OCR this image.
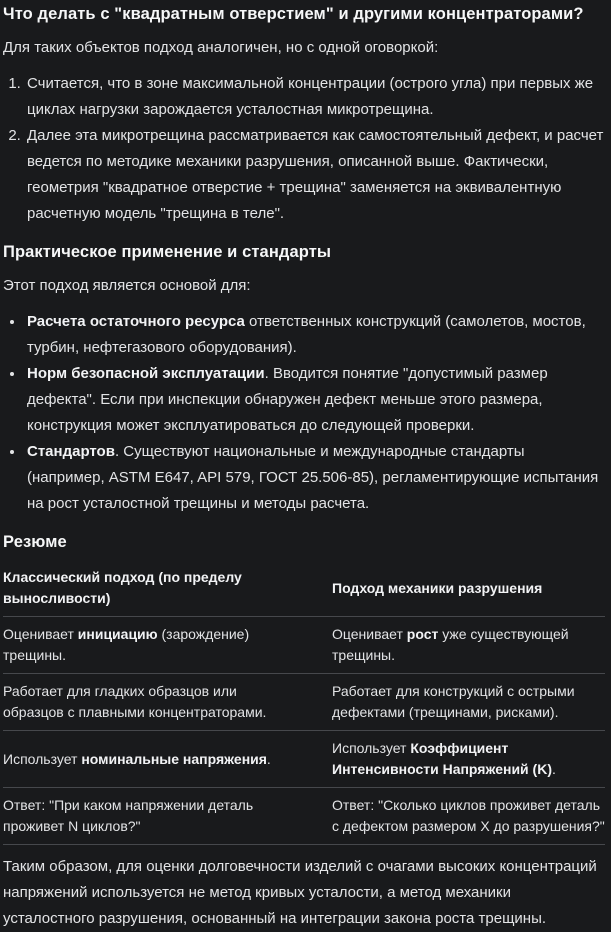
Что делать с "квадратным отверстием" и другими концентраторами?

Для таких объектов подход аналогичен, но с одной оговоркой:

1. Считается, что в зоне максимальной концентрации (острого угла) при первых же циклах нагрузки зарождается усталостная микротрещина.
2. Далее эта микротрещина рассматривается как самостоятельный дефект, и расчет ведется по методике механики разрушения, описанной выше. Фактически, геометрия "квадратное отверстие + трещина" заменяется на эквивалентную расчетную модель "трещина в теле".
Практическое применение и стандарты

Этот подход является основой для:

• Расчета остаточного ресурса ответственных конструкций (самолетов, мостов, турбин, нефтегазового оборудования).
• Норм безопасной эксплуатации. Вводится понятие "допустимый размер дефекта". Если при инспекции обнаружен дефект меньше этого размера, конструкция может эксплуатироваться до следующей проверки.
• Стандартов. Существуют национальные и международные стандарты (например, ASTM E647, API 579, ГОСТ 25.506-85), регламентирующие испытания на рост усталостной трещины и методы расчета.
Резюме
Классический подход (по пределу выносливости)	Подход механики разрушения
Оценивает инициацию (зарождение) трещины.	Оценивает рост уже существующей трещины.
Работает для гладких образцов или образцов с плавными концентраторами.	Работает для конструкций с острыми дефектами (трещинами, рисками).
Использует номинальные напряжения.	Использует Коэффициент Интенсивности Напряжений (K).
Ответ: "При каком напряжении деталь проживет N циклов?"	Ответ: "Сколько циклов проживет деталь с дефектом размером X до разрушения?"

Таким образом, для оценки долговечности изделий с очагами высоких концентраций напряжений используется не метод кривых усталости, а метод механики усталостного разрушения, основанный на интеграции закона роста трещины.
